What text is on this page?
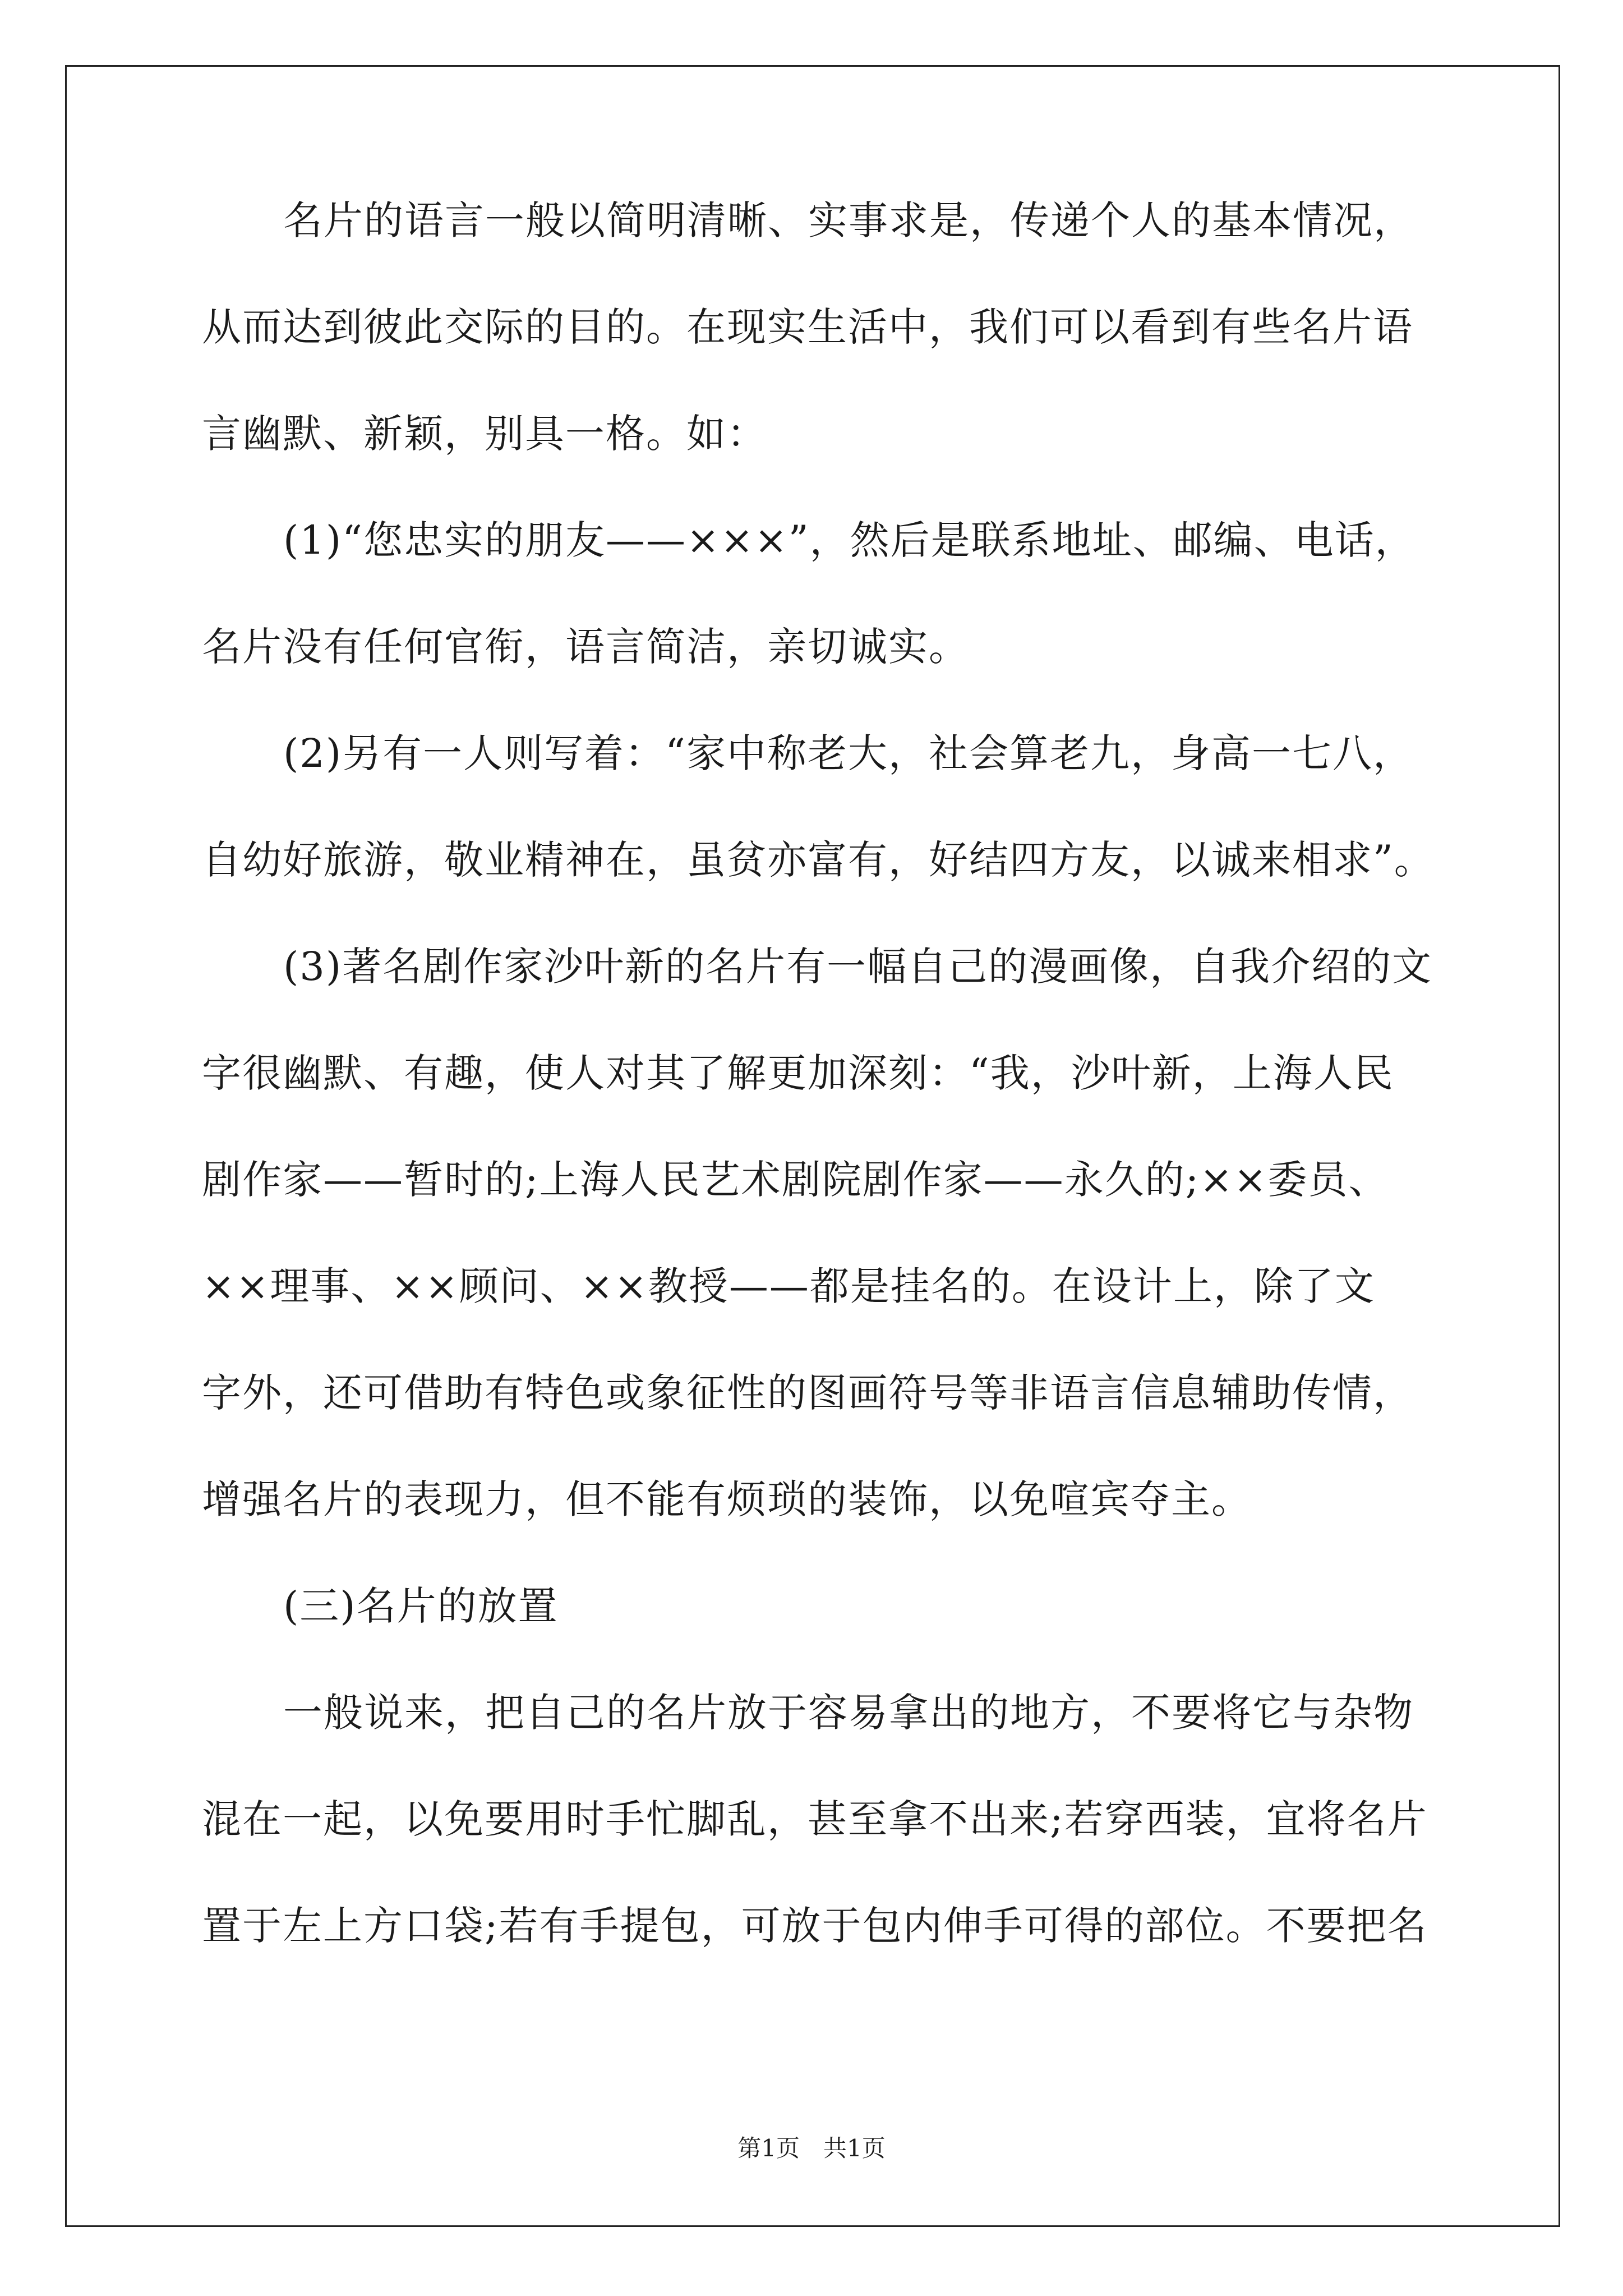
名片的语言一般以简明清晰、实事求是，传递个人的基本情况，
从而达到彼此交际的目的。在现实生活中，我们可以看到有些名片语
言幽默、新颖，别具一格。如：
(1)“您忠实的朋友——×××”，然后是联系地址、邮编、电话，
名片没有任何官衔，语言简洁，亲切诚实。
(2)另有一人则写着：“家中称老大，社会算老九，身高一七八，
自幼好旅游，敬业精神在，虽贫亦富有，好结四方友，以诚来相求”。
(3)著名剧作家沙叶新的名片有一幅自己的漫画像，自我介绍的文
字很幽默、有趣，使人对其了解更加深刻：“我，沙叶新，上海人民
剧作家——暂时的;上海人民艺术剧院剧作家——永久的;××委员、
××理事、××顾问、××教授——都是挂名的。在设计上，除了文
字外，还可借助有特色或象征性的图画符号等非语言信息辅助传情，
增强名片的表现力，但不能有烦琐的装饰，以免喧宾夺主。
(三)名片的放置
一般说来，把自己的名片放于容易拿出的地方，不要将它与杂物
混在一起，以免要用时手忙脚乱，甚至拿不出来;若穿西装，宜将名片
置于左上方口袋;若有手提包，可放于包内伸手可得的部位。不要把名
第1页　共1页
